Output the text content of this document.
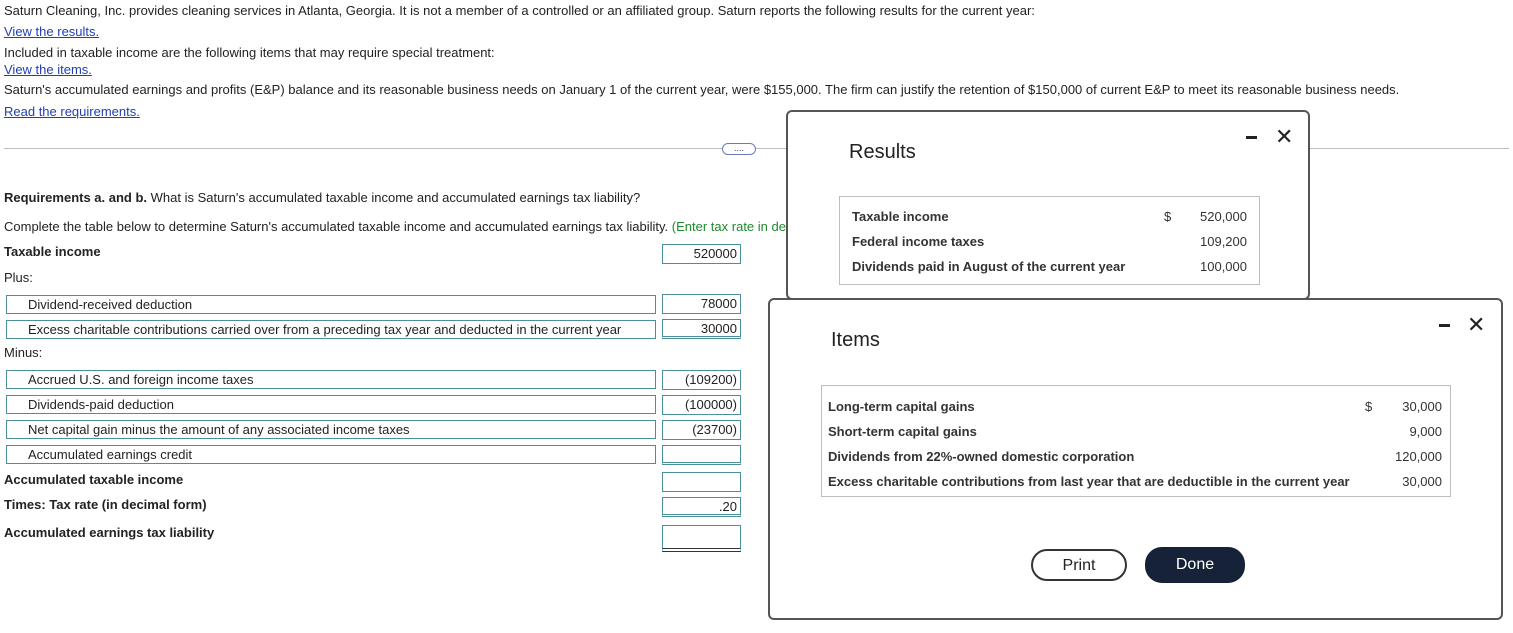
Saturn Cleaning, Inc. provides cleaning services in Atlanta, Georgia. It is not a member of a controlled or an affiliated group. Saturn reports the following results for the current year:
View the results.
Included in taxable income are the following items that may require special treatment:
View the items.
Saturn's accumulated earnings and profits (E&P) balance and its reasonable business needs on January 1 of the current year, were $155,000. The firm can justify the retention of $150,000 of current E&P to meet its reasonable business needs.
Read the requirements.
....
Requirements a. and b. What is Saturn's accumulated taxable income and accumulated earnings tax liability?
Complete the table below to determine Saturn's accumulated taxable income and accumulated earnings tax liability. (Enter tax rate in de
Taxable income	520000
Plus:
Dividend-received deduction	78000
Excess charitable contributions carried over from a preceding tax year and deducted in the current year	30000
Minus:
Accrued U.S. and foreign income taxes	(109200)
Dividends-paid deduction	(100000)
Net capital gain minus the amount of any associated income taxes	(23700)
Accumulated earnings credit
Accumulated taxable income
Times: Tax rate (in decimal form)	.20
Accumulated earnings tax liability
Results
✕
Taxable income	$ 520,000
Federal income taxes	109,200
Dividends paid in August of the current year	100,000
Items
✕
Long-term capital gains	$ 30,000
Short-term capital gains	9,000
Dividends from 22%-owned domestic corporation	120,000
Excess charitable contributions from last year that are deductible in the current year	30,000
Print	Done
